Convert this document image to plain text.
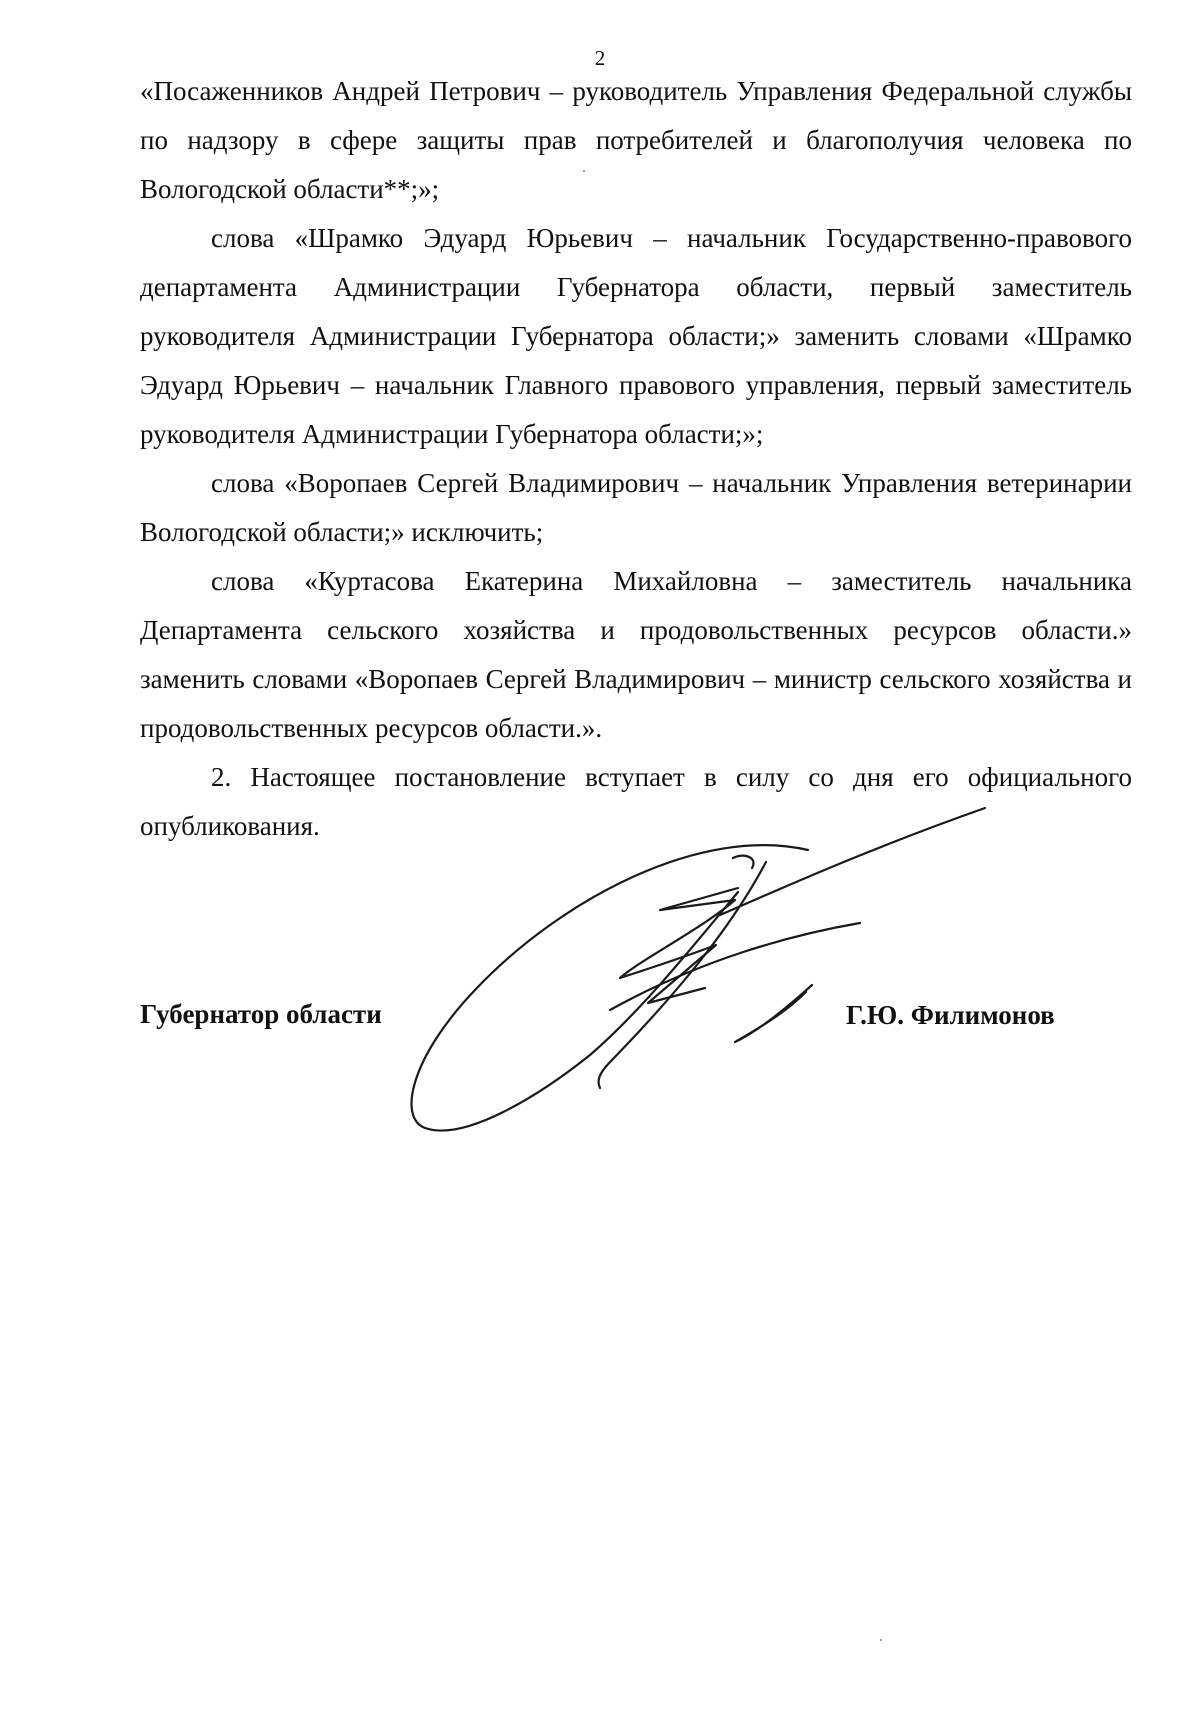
2

«Посаженников Андрей Петрович – руководитель Управления Федеральной службы по надзору в сфере защиты прав потребителей и благополучия человека по Вологодской области**;»;

слова «Шрамко Эдуард Юрьевич – начальник Государственно-правового департамента Администрации Губернатора области, первый заместитель руководителя Администрации Губернатора области;» заменить словами «Шрамко Эдуард Юрьевич – начальник Главного правового управления, первый заместитель руководителя Администрации Губернатора области;»;

слова «Воропаев Сергей Владимирович – начальник Управления ветеринарии Вологодской области;» исключить;

слова «Куртасова Екатерина Михайловна – заместитель начальника Департамента сельского хозяйства и продовольственных ресурсов области.» заменить словами «Воропаев Сергей Владимирович – министр сельского хозяйства и продовольственных ресурсов области.».

2. Настоящее постановление вступает в силу со дня его официального опубликования.

Губернатор области	Г.Ю. Филимонов
